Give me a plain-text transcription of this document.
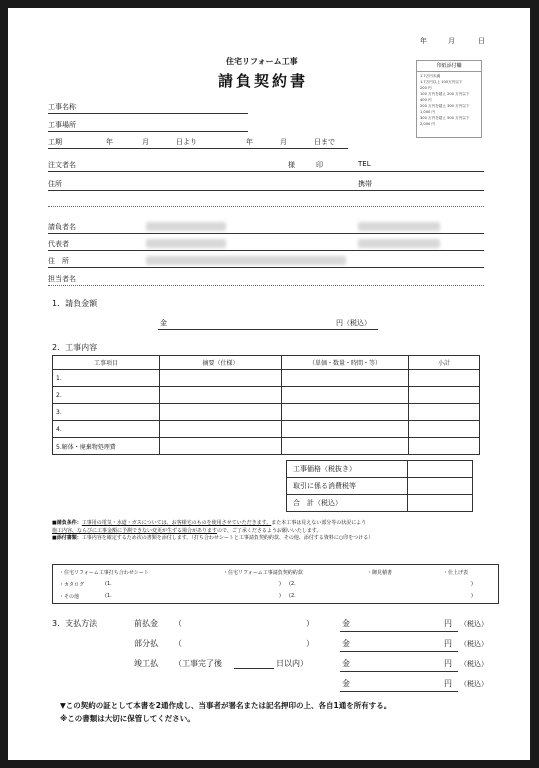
年	月	日
住宅リフォーム工事
請負契約書
印紙添付欄
1.7万円未満
1.7万円以上 100万円以下
200 円
100 万円を超え 200 万円以下
400 円
200 万円を超え 300 万円以下
1,000 円
300 万円を超え 500 万円以下
2,000 円
工事名称
工事場所
工期	年	月	日より	年	月	日まで
注文者名	様　　　印	TEL
住所	携帯
請負者名
代表者
住　所
担当者名
1．請負金額
金	円（税込）
2．工事内容
工事項目	摘要（仕様）	（単価・数量・時間・等）	小計
1.			
2.			
3.			
4.			
5.解体・廃棄物処理費			
工事価格（税抜き）	
取引に係る消費税等	
合　計（税込）	
■請負条件：工事用の電気・水道・ガスについては、お客様宅のものを使用させていただきます。また本工事は見えない部分等の状況により
施工内容、ならびに工事金額に予測できない変更が生ずる場合がありますので、ご了承くださるようお願いいたします。
■添付書類：工事内容を確定するため次の書類を添付します。（打ち合わせシートと工事請負契約約款、その他、添付する資料に○印をつける）
・住宅リフォーム工事打ち合わせシート	・住宅リフォーム工事請負契約約款	・御見積書	・仕上げ表
・カタログ	(1.	) (2.	)
・その他	(1.	) (2.	)
3．支払方法	前払金 （	）	金	円 （税込）
部分払 （	）	金	円 （税込）
竣工払 （工事完了後	日以内）	金	円 （税込）
金	円 （税込）
▼この契約の証として本書を2通作成し、当事者が署名または記名押印の上、各自1通を所有する。
※この書類は大切に保管してください。
